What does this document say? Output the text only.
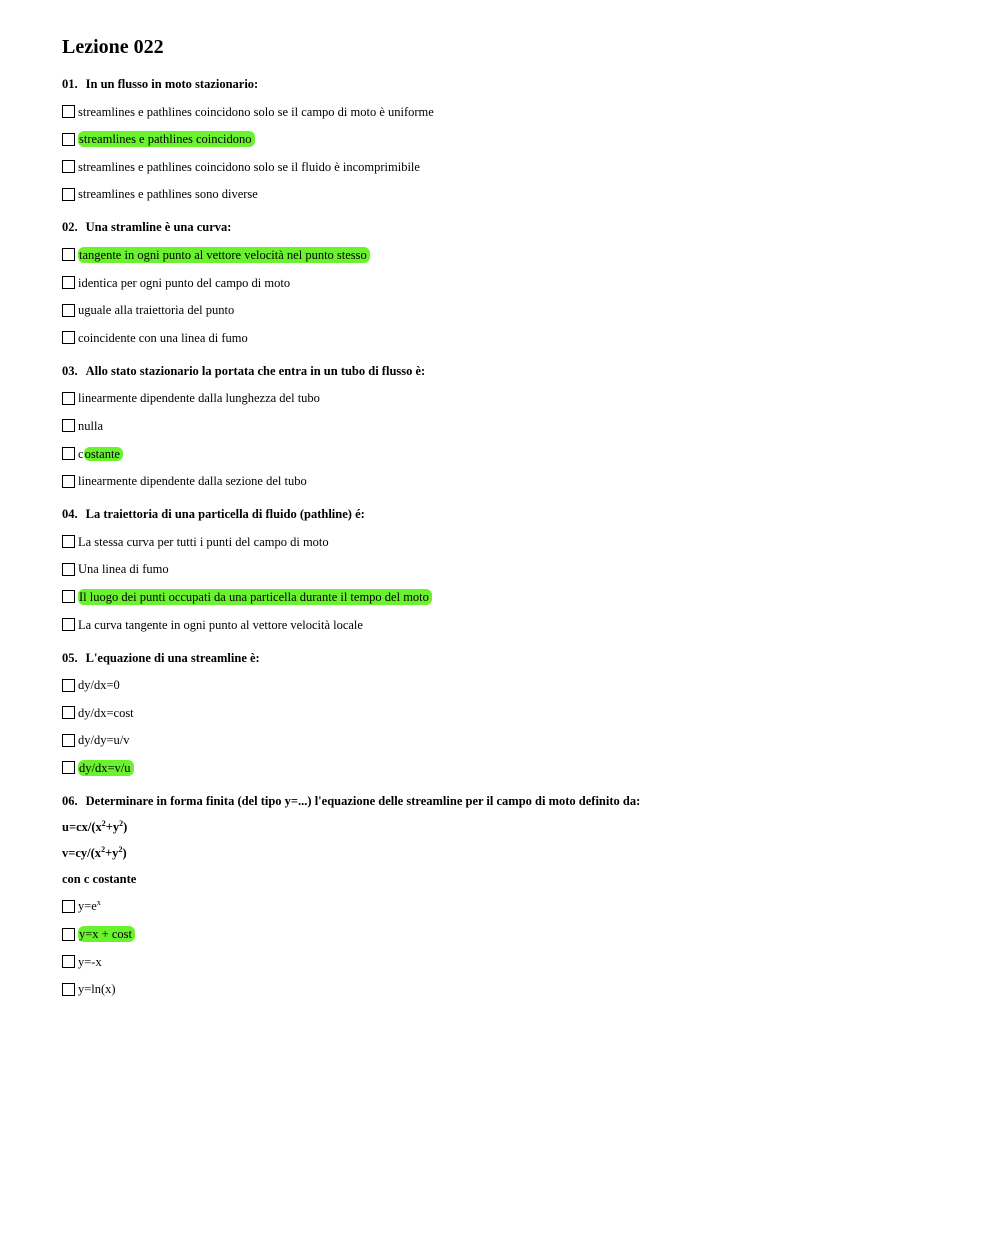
Lezione 022
01. In un flusso in moto stazionario:
streamlines e pathlines coincidono solo se il campo di moto è uniforme
streamlines e pathlines coincidono
streamlines e pathlines coincidono solo se il fluido è incomprimibile
streamlines e pathlines sono diverse
02. Una stramline è una curva:
tangente in ogni punto al vettore velocità nel punto stesso
identica per ogni punto del campo di moto
uguale alla traiettoria del punto
coincidente con una linea di fumo
03. Allo stato stazionario la portata che entra in un tubo di flusso è:
linearmente dipendente dalla lunghezza del tubo
nulla
costante
linearmente dipendente dalla sezione del tubo
04. La traiettoria di una particella di fluido (pathline) é:
La stessa curva per tutti i punti del campo di moto
Una linea di fumo
Il luogo dei punti occupati da una particella durante il tempo del moto
La curva tangente in ogni punto al vettore velocità locale
05. L'equazione di una streamline è:
dy/dx=0
dy/dx=cost
dy/dy=u/v
dy/dx=v/u
06. Determinare in forma finita (del tipo y=...) l'equazione delle streamline per il campo di moto definito da:
$u=cx/(x^2+y^2)$
$v=cy/(x^2+y^2)$
con c costante
$y=e^x$
y=x + cost
y=-x
y=ln(x)
